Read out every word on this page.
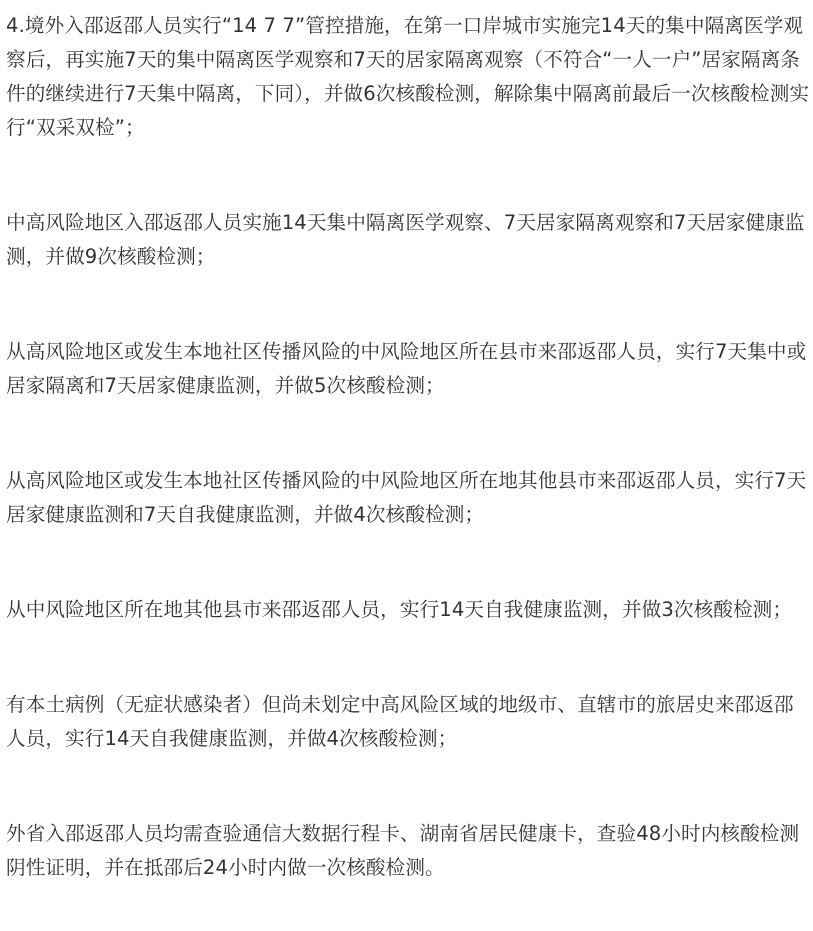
4.境外入邵返邵人员实行“14 7 7”管控措施，在第一口岸城市实施完14天的集中隔离医学观察后，再实施7天的集中隔离医学观察和7天的居家隔离观察（不符合“一人一户”居家隔离条件的继续进行7天集中隔离，下同），并做6次核酸检测，解除集中隔离前最后一次核酸检测实行“双采双检”；

中高风险地区入邵返邵人员实施14天集中隔离医学观察、7天居家隔离观察和7天居家健康监测，并做9次核酸检测；

从高风险地区或发生本地社区传播风险的中风险地区所在县市来邵返邵人员，实行7天集中或居家隔离和7天居家健康监测，并做5次核酸检测；

从高风险地区或发生本地社区传播风险的中风险地区所在地其他县市来邵返邵人员，实行7天居家健康监测和7天自我健康监测，并做4次核酸检测；

从中风险地区所在地其他县市来邵返邵人员，实行14天自我健康监测，并做3次核酸检测；

有本土病例（无症状感染者）但尚未划定中高风险区域的地级市、直辖市的旅居史来邵返邵人员，实行14天自我健康监测，并做4次核酸检测；

外省入邵返邵人员均需查验通信大数据行程卡、湖南省居民健康卡，查验48小时内核酸检测阴性证明，并在抵邵后24小时内做一次核酸检测。
